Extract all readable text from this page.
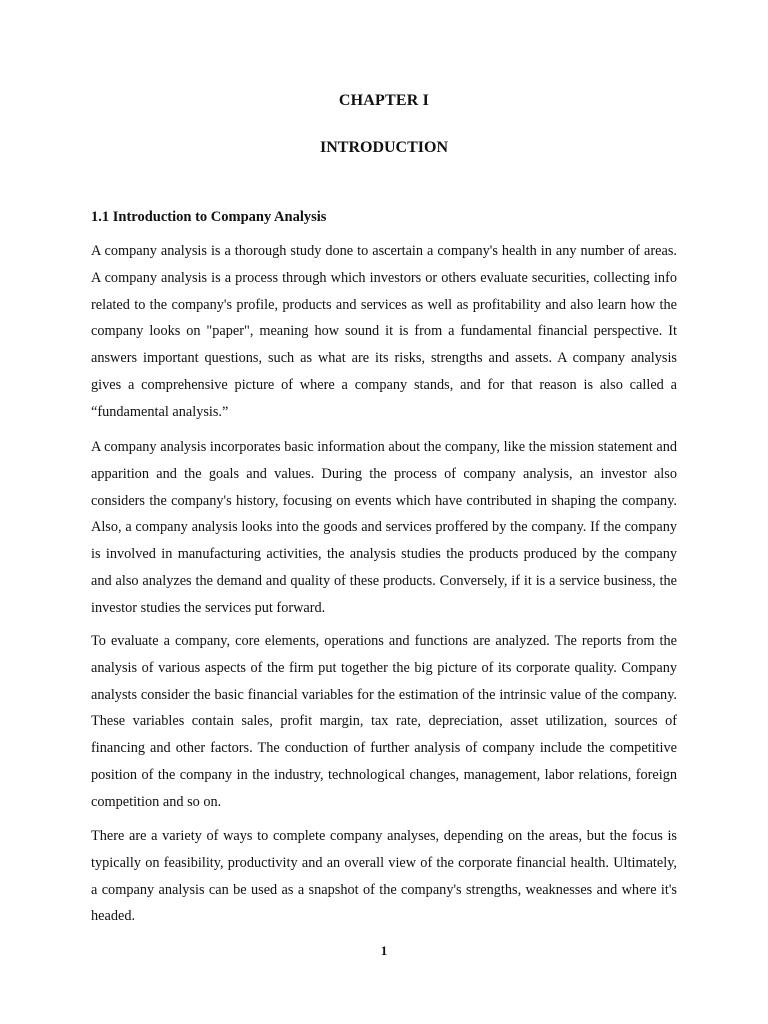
CHAPTER I
INTRODUCTION
1.1 Introduction to Company Analysis

A company analysis is a thorough study done to ascertain a company's health in any number of areas. A company analysis is a process through which investors or others evaluate securities, collecting info related to the company's profile, products and services as well as profitability and also learn how the company looks on "paper", meaning how sound it is from a fundamental financial perspective. It answers important questions, such as what are its risks, strengths and assets. A company analysis gives a comprehensive picture of where a company stands, and for that reason is also called a “fundamental analysis.”

A company analysis incorporates basic information about the company, like the mission statement and apparition and the goals and values. During the process of company analysis, an investor also considers the company's history, focusing on events which have contributed in shaping the company. Also, a company analysis looks into the goods and services proffered by the company. If the company is involved in manufacturing activities, the analysis studies the products produced by the company and also analyzes the demand and quality of these products. Conversely, if it is a service business, the investor studies the services put forward.

To evaluate a company, core elements, operations and functions are analyzed. The reports from the analysis of various aspects of the firm put together the big picture of its corporate quality. Company analysts consider the basic financial variables for the estimation of the intrinsic value of the company. These variables contain sales, profit margin, tax rate, depreciation, asset utilization, sources of financing and other factors. The conduction of further analysis of company include the competitive position of the company in the industry, technological changes, management, labor relations, foreign competition and so on.

There are a variety of ways to complete company analyses, depending on the areas, but the focus is typically on feasibility, productivity and an overall view of the corporate financial health. Ultimately, a company analysis can be used as a snapshot of the company's strengths, weaknesses and where it's headed.

1
